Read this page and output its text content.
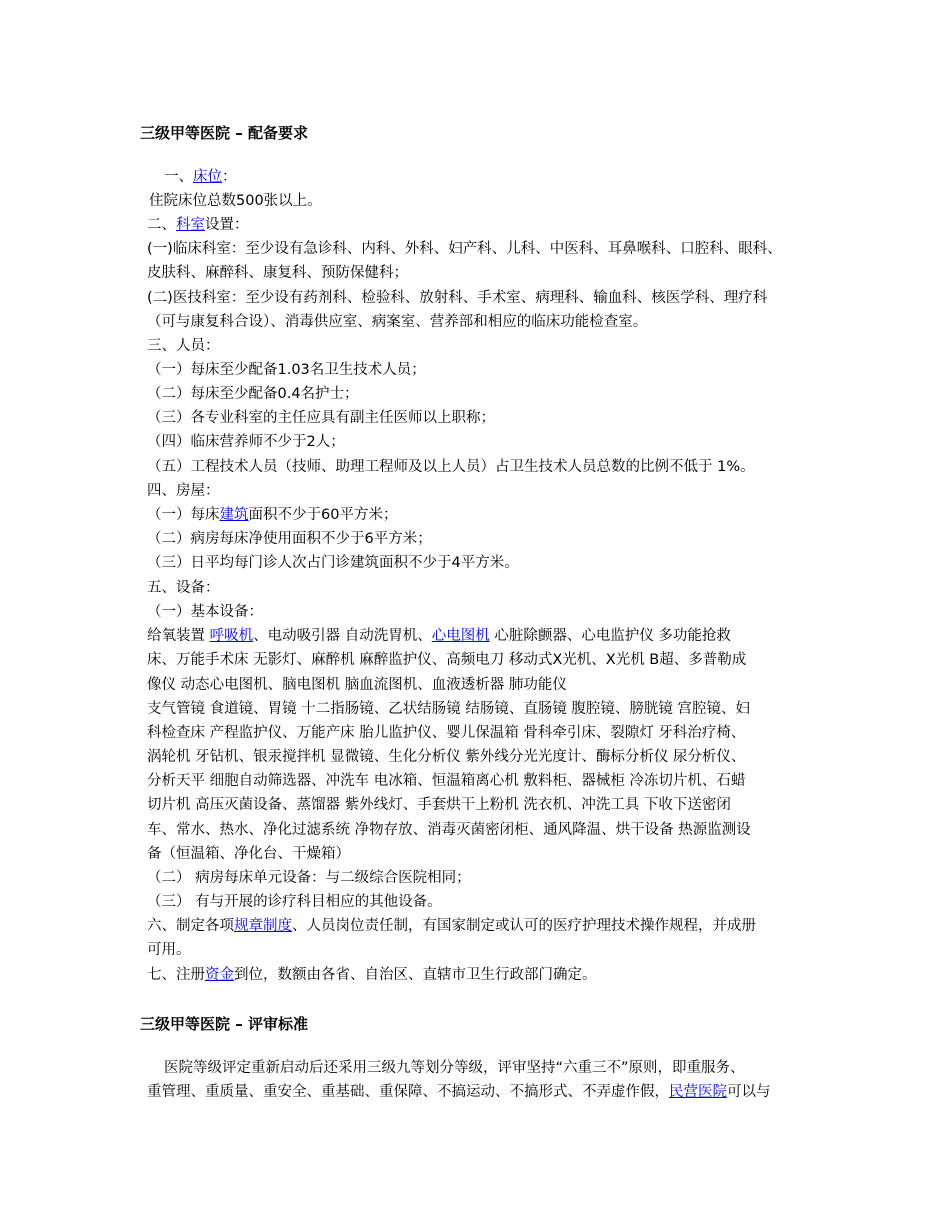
三级甲等医院 – 配备要求
一、床位：
住院床位总数500张以上。
二、科室设置：
(一)临床科室：至少设有急诊科、内科、外科、妇产科、儿科、中医科、耳鼻喉科、口腔科、眼科、
皮肤科、麻醉科、康复科、预防保健科；
(二)医技科室：至少设有药剂科、检验科、放射科、手术室、病理科、输血科、核医学科、理疗科
（可与康复科合设）、消毒供应室、病案室、营养部和相应的临床功能检查室。
三、人员：
（一）每床至少配备1.03名卫生技术人员；
（二）每床至少配备0.4名护士；
（三）各专业科室的主任应具有副主任医师以上职称；
（四）临床营养师不少于2人；
（五）工程技术人员（技师、助理工程师及以上人员）占卫生技术人员总数的比例不低于 1%。
四、房屋：
（一）每床建筑面积不少于60平方米；
（二）病房每床净使用面积不少于6平方米；
（三）日平均每门诊人次占门诊建筑面积不少于4平方米。
五、设备：
（一）基本设备：
给氧装置 呼吸机、电动吸引器 自动洗胃机、心电图机 心脏除颤器、心电监护仪 多功能抢救
床、万能手术床 无影灯、麻醉机 麻醉监护仪、高频电刀 移动式X光机、X光机 B超、多普勒成
像仪 动态心电图机、脑电图机 脑血流图机、血液透析器 肺功能仪
支气管镜 食道镜、胃镜 十二指肠镜、乙状结肠镜 结肠镜、直肠镜 腹腔镜、膀胱镜 宫腔镜、妇
科检查床 产程监护仪、万能产床 胎儿监护仪、婴儿保温箱 骨科牵引床、裂隙灯 牙科治疗椅、
涡轮机 牙钻机、银汞搅拌机 显微镜、生化分析仪 紫外线分光光度计、酶标分析仪 尿分析仪、
分析天平 细胞自动筛选器、冲洗车 电冰箱、恒温箱离心机 敷料柜、器械柜 冷冻切片机、石蜡
切片机 高压灭菌设备、蒸馏器 紫外线灯、手套烘干上粉机 洗衣机、冲洗工具 下收下送密闭
车、常水、热水、净化过滤系统 净物存放、消毒灭菌密闭柜、通风降温、烘干设备 热源监测设
备（恒温箱、净化台、干燥箱）
（二） 病房每床单元设备：与二级综合医院相同；
（三） 有与开展的诊疗科目相应的其他设备。
六、制定各项规章制度、人员岗位责任制，有国家制定或认可的医疗护理技术操作规程，并成册
可用。
七、注册资金到位，数额由各省、自治区、直辖市卫生行政部门确定。
三级甲等医院 – 评审标准
医院等级评定重新启动后还采用三级九等划分等级，评审坚持“六重三不”原则，即重服务、
重管理、重质量、重安全、重基础、重保障、不搞运动、不搞形式、不弄虚作假，民营医院可以与
